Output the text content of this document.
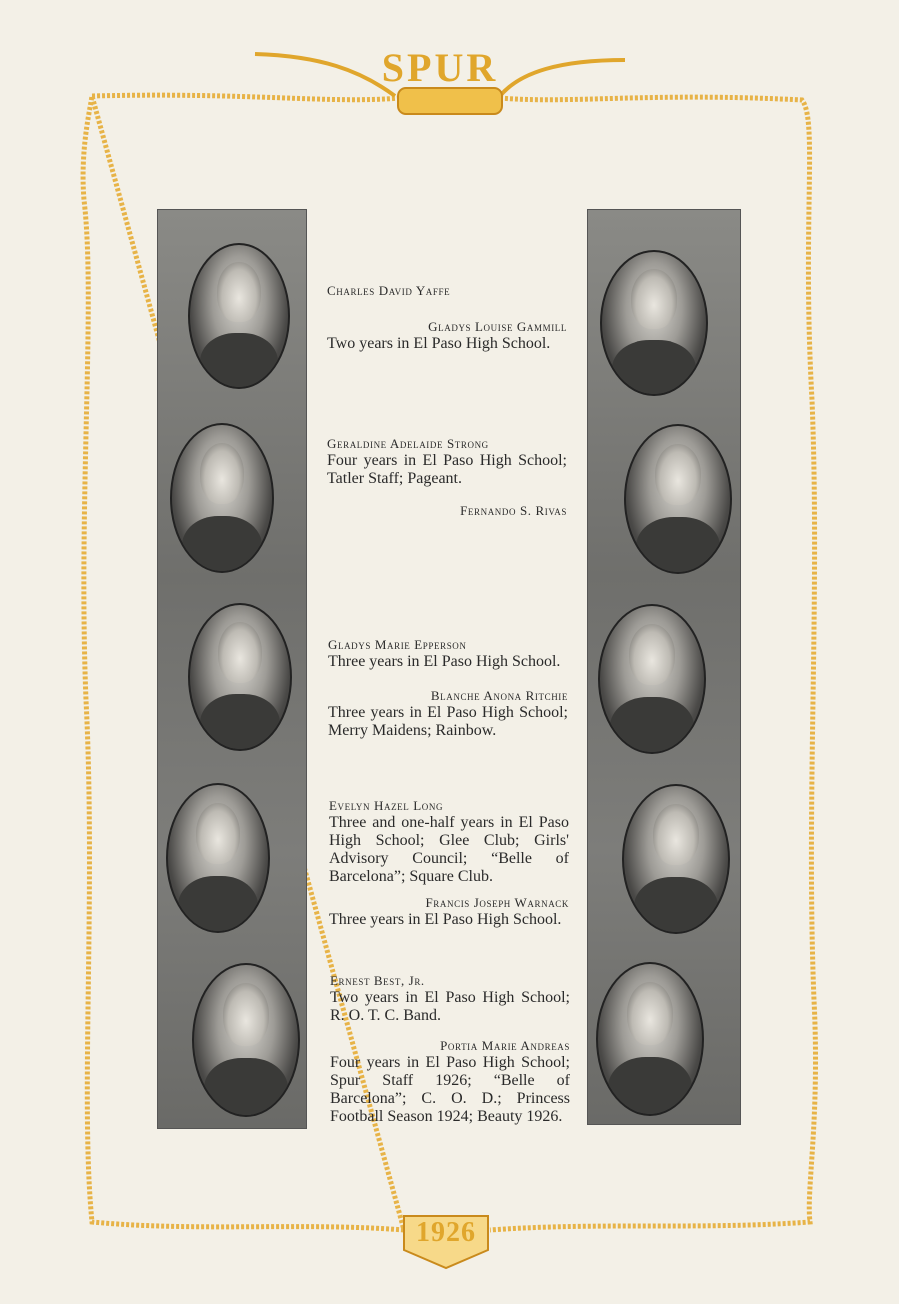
SPUR
1926
Charles David Yaffe
Gladys Louise Gammill
Two years in El Paso High School.
Geraldine Adelaide Strong
Four years in El Paso High School; Tatler Staff; Pageant.
Fernando S. Rivas
Gladys Marie Epperson
Three years in El Paso High School.
Blanche Anona Ritchie
Three years in El Paso High School; Merry Maidens; Rainbow.
Evelyn Hazel Long
Three and one-half years in El Paso High School; Glee Club; Girls' Advisory Council; “Belle of Barcelona”; Square Club.
Francis Joseph Warnack
Three years in El Paso High School.
Ernest Best, Jr.
Two years in El Paso High School; R. O. T. C. Band.
Portia Marie Andreas
Four years in El Paso High School; Spur Staff 1926; “Belle of Barcelona”; C. O. D.; Princess Football Season 1924; Beauty 1926.
